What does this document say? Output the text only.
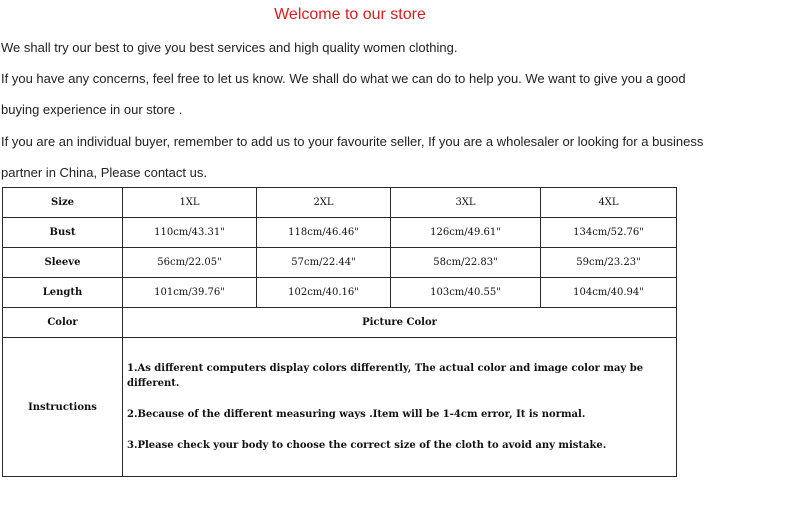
Welcome to our store
We shall try our best to give you best services and high quality women clothing.
If you have any concerns, feel free to let us know. We shall do what we can do to help you. We want to give you a good
buying experience in our store .
If you are an individual buyer, remember to add us to your favourite seller, If you are a wholesaler or looking for a business
partner in China, Please contact us.
Size	1XL	2XL	3XL	4XL
Bust	110cm/43.31"	118cm/46.46"	126cm/49.61"	134cm/52.76"
Sleeve	56cm/22.05"	57cm/22.44"	58cm/22.83"	59cm/23.23"
Length	101cm/39.76"	102cm/40.16"	103cm/40.55"	104cm/40.94"
Color	Picture Color			
Instructions	1.As different computers display colors differently, The actual color and image color may be different.

2.Because of the different measuring ways .Item will be 1-4cm error, It is normal.

3.Please check your body to choose the correct size of the cloth to avoid any mistake.			
